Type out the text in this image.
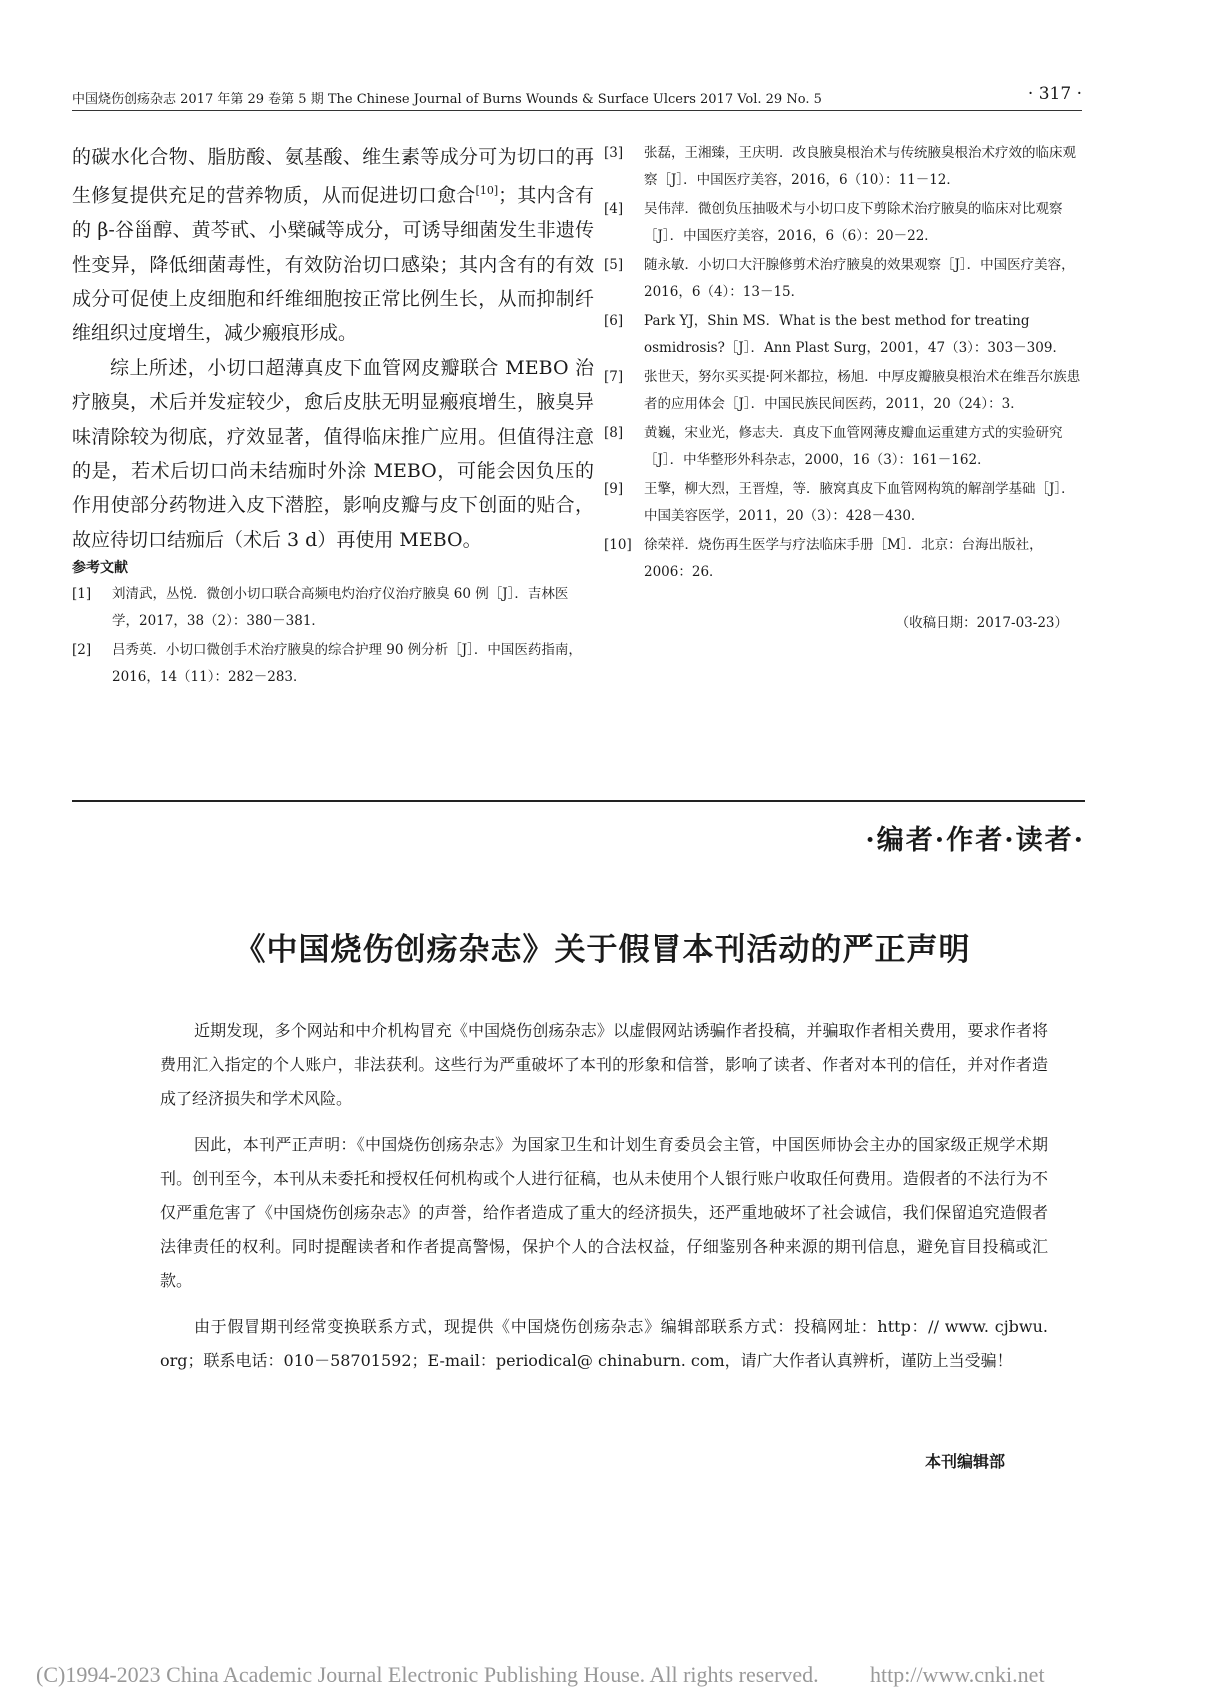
中国烧伤创疡杂志 2017 年第 29 卷第 5 期 The Chinese Journal of Burns Wounds & Surface Ulcers 2017 Vol. 29 No. 5	· 317 ·

的碳水化合物、脂肪酸、氨基酸、维生素等成分可为切口的再生修复提供充足的营养物质，从而促进切口愈合[10]；其内含有的 β-谷甾醇、黄芩甙、小檗碱等成分，可诱导细菌发生非遗传性变异，降低细菌毒性，有效防治切口感染；其内含有的有效成分可促使上皮细胞和纤维细胞按正常比例生长，从而抑制纤维组织过度增生，减少瘢痕形成。

综上所述，小切口超薄真皮下血管网皮瓣联合 MEBO 治疗腋臭，术后并发症较少，愈后皮肤无明显瘢痕增生，腋臭异味清除较为彻底，疗效显著，值得临床推广应用。但值得注意的是，若术后切口尚未结痂时外涂 MEBO，可能会因负压的作用使部分药物进入皮下潜腔，影响皮瓣与皮下创面的贴合，故应待切口结痂后（术后 3 d）再使用 MEBO。

参考文献
[1]	刘清武，丛悦．微创小切口联合高频电灼治疗仪治疗腋臭 60 例［J］．吉林医学，2017，38（2）：380－381．
[2]	吕秀英．小切口微创手术治疗腋臭的综合护理 90 例分析［J］．中国医药指南，2016，14（11）：282－283．
[3]	张磊，王湘臻，王庆明．改良腋臭根治术与传统腋臭根治术疗效的临床观察［J］．中国医疗美容，2016，6（10）：11－12．
[4]	吴伟萍．微创负压抽吸术与小切口皮下剪除术治疗腋臭的临床对比观察［J］．中国医疗美容，2016，6（6）：20－22．
[5]	随永敏．小切口大汗腺修剪术治疗腋臭的效果观察［J］．中国医疗美容，2016，6（4）：13－15．
[6]	Park YJ，Shin MS．What is the best method for treating osmidrosis?［J］．Ann Plast Surg，2001，47（3）：303－309．
[7]	张世天，努尔买买提·阿米都拉，杨旭．中厚皮瓣腋臭根治术在维吾尔族患者的应用体会［J］．中国民族民间医药，2011，20（24）：3．
[8]	黄巍，宋业光，修志夫．真皮下血管网薄皮瓣血运重建方式的实验研究［J］．中华整形外科杂志，2000，16（3）：161－162．
[9]	王擎，柳大烈，王晋煌，等．腋窝真皮下血管网构筑的解剖学基础［J］．中国美容医学，2011，20（3）：428－430．
[10] 徐荣祥．烧伤再生医学与疗法临床手册［M］．北京：台海出版社，2006：26．
（收稿日期：2017-03-23）
·编者·作者·读者·
《中国烧伤创疡杂志》关于假冒本刊活动的严正声明

近期发现，多个网站和中介机构冒充《中国烧伤创疡杂志》以虚假网站诱骗作者投稿，并骗取作者相关费用，要求作者将费用汇入指定的个人账户，非法获利。这些行为严重破坏了本刊的形象和信誉，影响了读者、作者对本刊的信任，并对作者造成了经济损失和学术风险。

因此，本刊严正声明：《中国烧伤创疡杂志》为国家卫生和计划生育委员会主管，中国医师协会主办的国家级正规学术期刊。创刊至今，本刊从未委托和授权任何机构或个人进行征稿，也从未使用个人银行账户收取任何费用。造假者的不法行为不仅严重危害了《中国烧伤创疡杂志》的声誉，给作者造成了重大的经济损失，还严重地破坏了社会诚信，我们保留追究造假者法律责任的权利。同时提醒读者和作者提高警惕，保护个人的合法权益，仔细鉴别各种来源的期刊信息，避免盲目投稿或汇款。

由于假冒期刊经常变换联系方式，现提供《中国烧伤创疡杂志》编辑部联系方式：投稿网址：http：// www. cjbwu. org；联系电话：010－58701592；E-mail：periodical@ chinaburn. com，请广大作者认真辨析，谨防上当受骗！

本刊编辑部
(C)1994-2023 China Academic Journal Electronic Publishing House. All rights reserved. http://www.cnki.net
